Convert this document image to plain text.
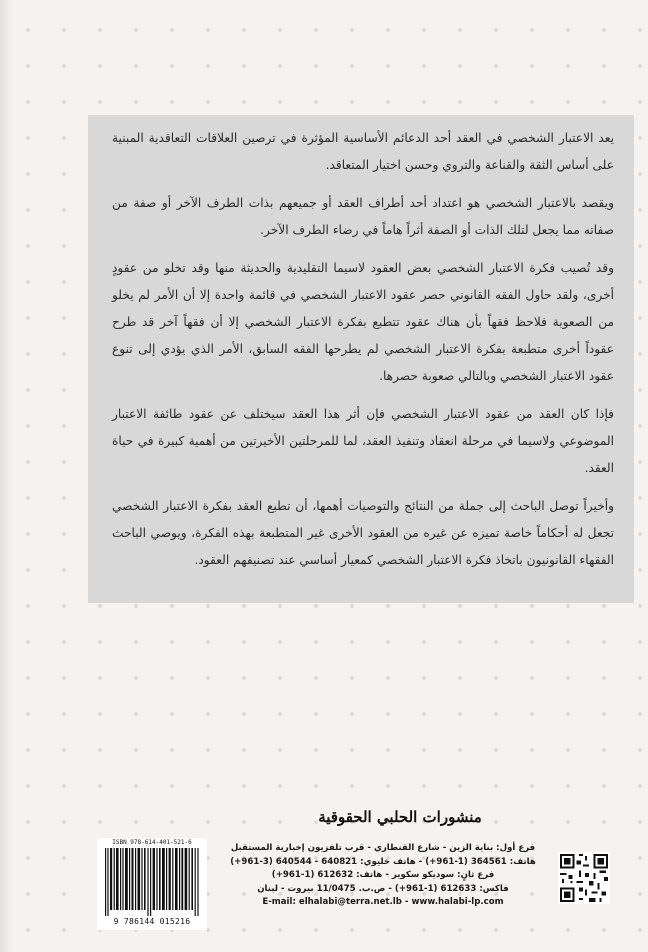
يعد الاعتبار الشخصي في العقد أحد الدعائم الأساسية المؤثرة في ترصين العلاقات التعاقدية المبنية على أساس الثقة والقناعة والتروي وحسن اختيار المتعاقد.

ويقصد بالاعتبار الشخصي هو اعتداد أحد أطراف العقد أو جميعهم بذات الطرف الآخر أو صفة من صفاته مما يجعل لتلك الذات أو الصفة أثراً هاماً في رضاء الطرف الآخر.

وقد تُصيب فكرة الاعتبار الشخصي بعض العقود لاسيما التقليدية والحديثة منها وقد تخلو من عقودٍ أخرى، ولقد حاول الفقه القانوني حصر عقود الاعتبار الشخصي في قائمة واحدة إلا أن الأمر لم يخلو من الصعوبة فلاحظ فقهاً بأن هناك عقود تتطبع بفكرة الاعتبار الشخصي إلا أن فقهاً آخر قد طرح عقوداً أخرى متطبعة بفكرة الاعتبار الشخصي لم يطرحها الفقه السابق، الأمر الذي يؤدي إلى تنوع عقود الاعتبار الشخصي وبالتالي صعوبة حصرها.

فإذا كان العقد من عقود الاعتبار الشخصي فإن أثر هذا العقد سيختلف عن عقود طائفة الاعتبار الموضوعي ولاسيما في مرحلة انعقاد وتنفيذ العقد، لما للمرحلتين الأخيرتين من أهمية كبيرة في حياة العقد.

وأخيراً توصل الباحث إلى جملة من النتائج والتوصيات أهمها، أن تطبع العقد بفكرة الاعتبار الشخصي تجعل له أحكاماً خاصة تميزه عن غيره من العقود الأخرى غير المتطبعة بهذه الفكرة، ويوصي الباحث الفقهاء القانونيون باتخاذ فكرة الاعتبار الشخصي كمعيار أساسي عند تصنيفهم العقود.

منشورات الحلبي الحقوقية
ISBN 978-614-401-521-6
9 786144 015216
فرع أول: بناية الزين - شارع القنطاري - قرب تلفزيون إخبارية المستقبل
هاتف: 364561 (1-961+) - هاتف خليوي: 640821 - 640544 (3-961+)
فرع ثانٍ: سوديكو سكوير - هاتف: 612632 (1-961+)
فاكس: 612633 (1-961+) - ص.ب. 11/0475 بيروت - لبنان
E-mail: elhalabi@terra.net.lb - www.halabi-lp.com
